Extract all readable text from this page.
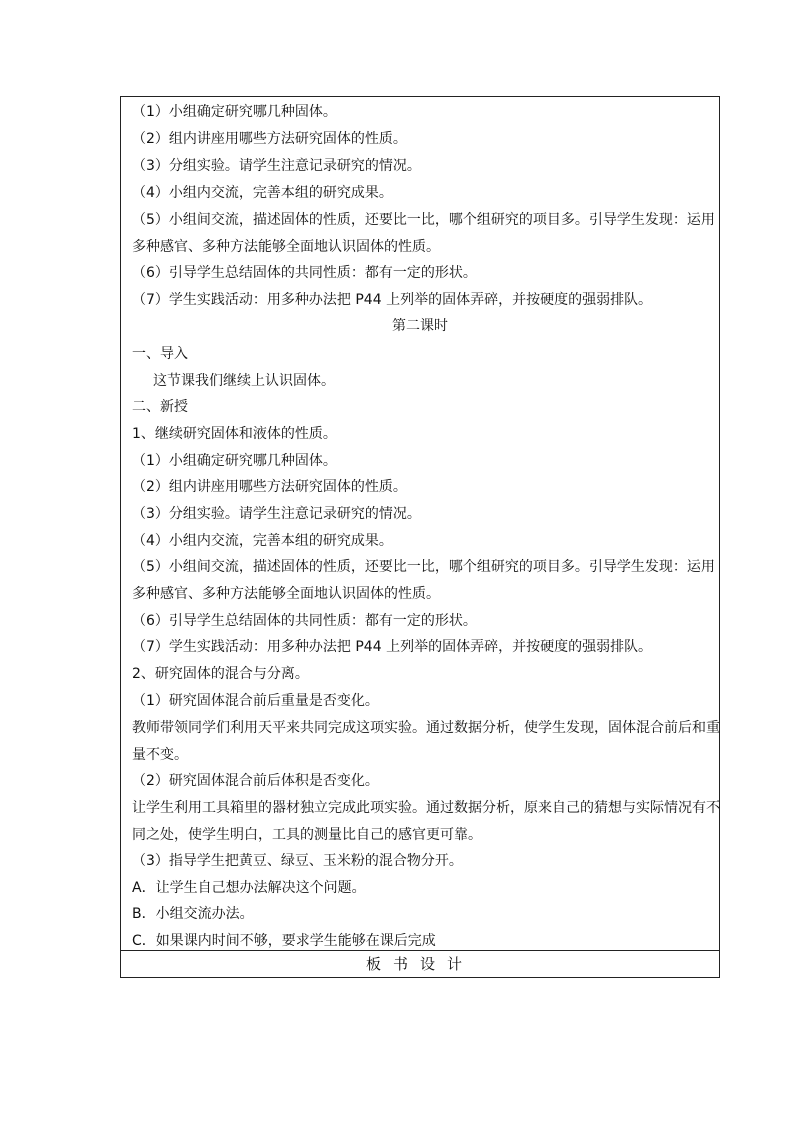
（1）小组确定研究哪几种固体。
（2）组内讲座用哪些方法研究固体的性质。
（3）分组实验。请学生注意记录研究的情况。
（4）小组内交流，完善本组的研究成果。
（5）小组间交流，描述固体的性质，还要比一比，哪个组研究的项目多。引导学生发现：运用
多种感官、多种方法能够全面地认识固体的性质。
（6）引导学生总结固体的共同性质：都有一定的形状。
（7）学生实践活动：用多种办法把 P44 上列举的固体弄碎，并按硬度的强弱排队。
第二课时
一、导入
这节课我们继续上认识固体。
二、新授
1、继续研究固体和液体的性质。
（1）小组确定研究哪几种固体。
（2）组内讲座用哪些方法研究固体的性质。
（3）分组实验。请学生注意记录研究的情况。
（4）小组内交流，完善本组的研究成果。
（5）小组间交流，描述固体的性质，还要比一比，哪个组研究的项目多。引导学生发现：运用
多种感官、多种方法能够全面地认识固体的性质。
（6）引导学生总结固体的共同性质：都有一定的形状。
（7）学生实践活动：用多种办法把 P44 上列举的固体弄碎，并按硬度的强弱排队。
2、研究固体的混合与分离。
（1）研究固体混合前后重量是否变化。
教师带领同学们利用天平来共同完成这项实验。通过数据分析，使学生发现，固体混合前后和重
量不变。
（2）研究固体混合前后体积是否变化。
让学生利用工具箱里的器材独立完成此项实验。通过数据分析，原来自己的猜想与实际情况有不
同之处，使学生明白，工具的测量比自己的感官更可靠。
（3）指导学生把黄豆、绿豆、玉米粉的混合物分开。
A．让学生自己想办法解决这个问题。
B．小组交流办法。
C．如果课内时间不够，要求学生能够在课后完成
板书设计
